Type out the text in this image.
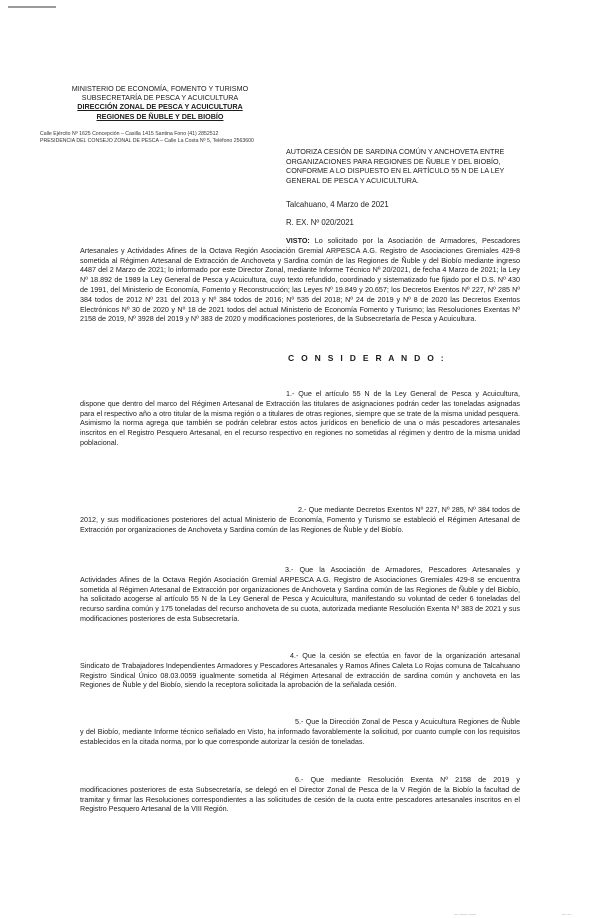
MINISTERIO DE ECONOMÍA, FOMENTO Y TURISMO
SUBSECRETARÍA DE PESCA Y ACUICULTURA
DIRECCIÓN ZONAL DE PESCA Y ACUICULTURA
REGIONES DE ÑUBLE Y DEL BIOBÍO
Calle Ejército Nº 1625 Concepción – Casilla 1415 Santina Fono (41) 2852512
PRESIDENCIA DEL CONSEJO ZONAL DE PESCA – Calle La Costa Nº 5, Teléfono 2563600
AUTORIZA CESIÓN DE SARDINA COMÚN Y ANCHOVETA ENTRE ORGANIZACIONES PARA REGIONES DE ÑUBLE Y DEL BIOBÍO, CONFORME A LO DISPUESTO EN EL ARTÍCULO 55 N DE LA LEY GENERAL DE PESCA Y ACUICULTURA.
Talcahuano, 4 Marzo de 2021
R. EX. Nº 020/2021
VISTO: Lo solicitado por la Asociación de Armadores, Pescadores Artesanales y Actividades Afines de la Octava Región Asociación Gremial ARPESCA A.G. Registro de Asociaciones Gremiales 429-8 sometida al Régimen Artesanal de Extracción de Anchoveta y Sardina común de las Regiones de Ñuble y del Biobío mediante ingreso 4487 del 2 Marzo de 2021; lo informado por este Director Zonal, mediante Informe Técnico Nº 20/2021, de fecha 4 Marzo de 2021; la Ley Nº 18.892 de 1989 la Ley General de Pesca y Acuicultura, cuyo texto refundido, coordinado y sistematizado fue fijado por el D.S. Nº 430 de 1991, del Ministerio de Economía, Fomento y Reconstrucción; las Leyes Nº 19.849 y 20.657; los Decretos Exentos Nº 227, Nº 285 Nº 384 todos de 2012 Nº 231 del 2013 y Nº 384 todos de 2016; Nº 535 del 2018; Nº 24 de 2019 y Nº 8 de 2020 las Decretos Exentos Electrónicos Nº 30 de 2020 y Nº 18 de 2021 todos del actual Ministerio de Economía Fomento y Turismo; las Resoluciones Exentas Nº 2158 de 2019, Nº 3928 del 2019 y Nº 383 de 2020 y modificaciones posteriores, de la Subsecretaría de Pesca y Acuicultura.
C O N S I D E R A N D O :
1.- Que el artículo 55 N de la Ley General de Pesca y Acuicultura, dispone que dentro del marco del Régimen Artesanal de Extracción las titulares de asignaciones podrán ceder las toneladas asignadas para el respectivo año a otro titular de la misma región o a titulares de otras regiones, siempre que se trate de la misma unidad pesquera. Asimismo la norma agrega que también se podrán celebrar estos actos jurídicos en beneficio de una o más pescadores artesanales inscritos en el Registro Pesquero Artesanal, en el recurso respectivo en regiones no sometidas al régimen y dentro de la misma unidad poblacional.
2.- Que mediante Decretos Exentos Nº 227, Nº 285, Nº 384 todos de 2012, y sus modificaciones posteriores del actual Ministerio de Economía, Fomento y Turismo se estableció el Régimen Artesanal de Extracción por organizaciones de Anchoveta y Sardina común de las Regiones de Ñuble y del Biobío.
3.- Que la Asociación de Armadores, Pescadores Artesanales y Actividades Afines de la Octava Región Asociación Gremial ARPESCA A.G. Registro de Asociaciones Gremiales 429-8 se encuentra sometida al Régimen Artesanal de Extracción por organizaciones de Anchoveta y Sardina común de las Regiones de Ñuble y del Biobío, ha solicitado acogerse al artículo 55 N de la Ley General de Pesca y Acuicultura, manifestando su voluntad de ceder 6 toneladas del recurso sardina común y 175 toneladas del recurso anchoveta de su cuota, autorizada mediante Resolución Exenta Nº 383 de 2021 y sus modificaciones posteriores de esta Subsecretaría.
4.- Que la cesión se efectúa en favor de la organización artesanal Sindicato de Trabajadores Independientes Armadores y Pescadores Artesanales y Ramos Afines Caleta Lo Rojas comuna de Talcahuano Registro Sindical Único 08.03.0059 igualmente sometida al Régimen Artesanal de extracción de sardina común y anchoveta en las Regiones de Ñuble y del Biobío, siendo la receptora solicitada la aprobación de la señalada cesión.
5.- Que la Dirección Zonal de Pesca y Acuicultura Regiones de Ñuble y del Biobío, mediante Informe técnico señalado en Visto, ha informado favorablemente la solicitud, por cuanto cumple con los requisitos establecidos en la citada norma, por lo que corresponde autorizar la cesión de toneladas.
6.- Que mediante Resolución Exenta Nº 2158 de 2019 y modificaciones posteriores de esta Subsecretaría, se delegó en el Director Zonal de Pesca de la V Región de la Biobío la facultad de tramitar y firmar las Resoluciones correspondientes a las solicitudes de cesión de la cuota entre pescadores artesanales inscritos en el Registro Pesquero Artesanal de la VIII Región.
— —— ——	— —
